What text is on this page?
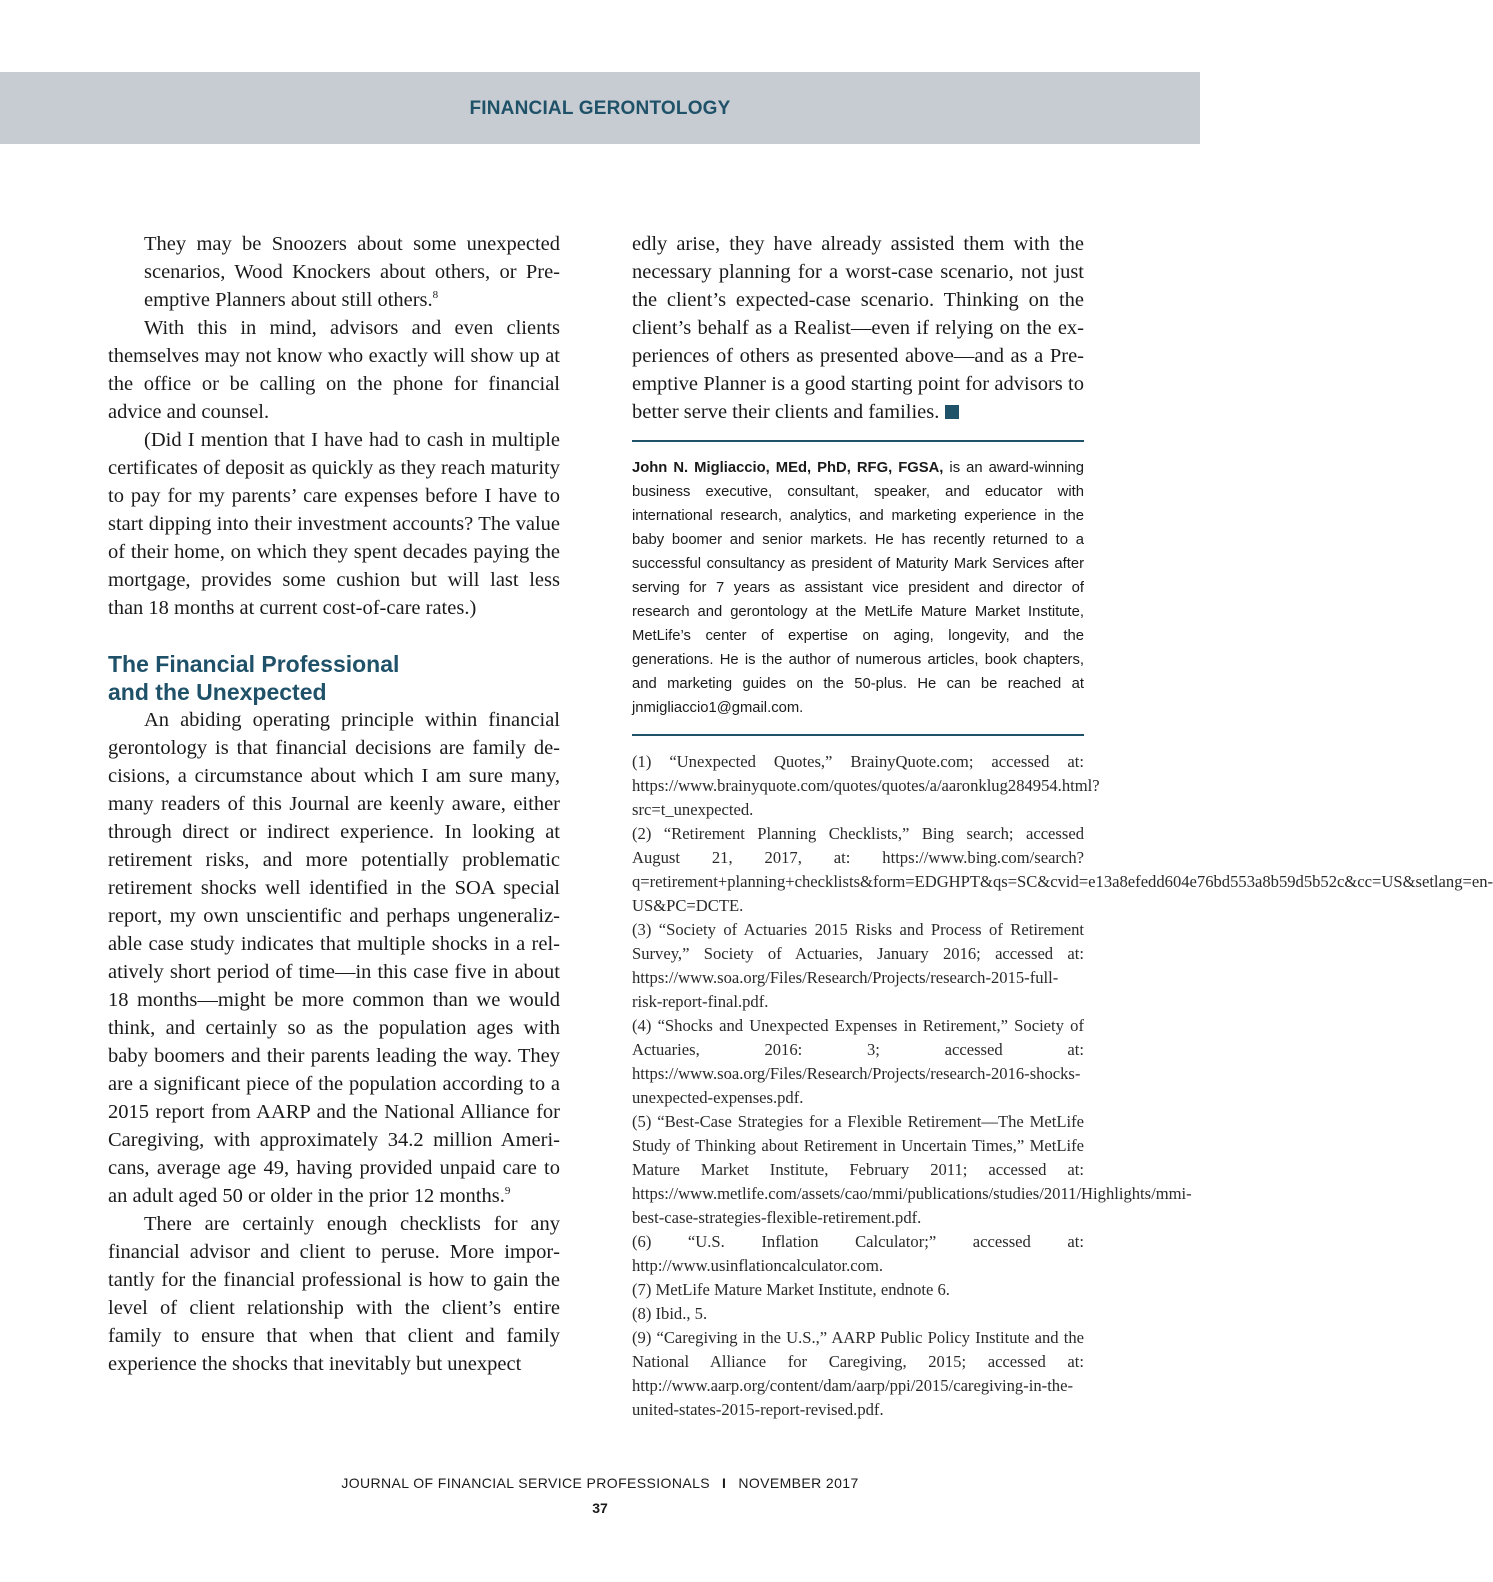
FINANCIAL GERONTOLOGY

They may be Snoozers about some unexpected scenarios, Wood Knockers about others, or Preemptive Planners about still others.$^8$

With this in mind, advisors and even clients themselves may not know who exactly will show up at the office or be calling on the phone for financial advice and counsel.

(Did I mention that I have had to cash in multiple certificates of deposit as quickly as they reach maturity to pay for my parents’ care expenses before I have to start dipping into their investment accounts? The value of their home, on which they spent decades paying the mortgage, provides some cushion but will last less than 18 months at current cost-of-care rates.)

The Financial Professional
and the Unexpected

An abiding operating principle within financial gerontology is that financial decisions are family decisions, a circumstance about which I am sure many, many readers of this Journal are keenly aware, either through direct or indirect experience. In looking at retirement risks, and more potentially problematic retirement shocks well identified in the SOA special report, my own unscientific and perhaps ungeneralizable case study indicates that multiple shocks in a relatively short period of time—in this case five in about 18 months—might be more common than we would think, and certainly so as the population ages with baby boomers and their parents leading the way. They are a significant piece of the population according to a 2015 report from AARP and the National Alliance for Caregiving, with approximately 34.2 million Americans, average age 49, having provided unpaid care to an adult aged 50 or older in the prior 12 months.$^9$

There are certainly enough checklists for any financial advisor and client to peruse. More importantly for the financial professional is how to gain the level of client relationship with the client’s entire family to ensure that when that client and family experience the shocks that inevitably but unexpect

edly arise, they have already assisted them with the necessary planning for a worst-case scenario, not just the client’s expected-case scenario. Thinking on the client’s behalf as a Realist—even if relying on the experiences of others as presented above—and as a Preemptive Planner is a good starting point for advisors to better serve their clients and families.

John N. Migliaccio, MEd, PhD, RFG, FGSA, is an award-winning business executive, consultant, speaker, and educator with international research, analytics, and marketing experience in the baby boomer and senior markets. He has recently returned to a successful consultancy as president of Maturity Mark Services after serving for 7 years as assistant vice president and director of research and gerontology at the MetLife Mature Market Institute, MetLife’s center of expertise on aging, longevity, and the generations. He is the author of numerous articles, book chapters, and marketing guides on the 50-plus. He can be reached at jnmigliaccio1@gmail.com.

(1) “Unexpected Quotes,” BrainyQuote.com; accessed at: https://www.brainyquote.com/quotes/quotes/a/aaronklug284954.html?src=t_unexpected.
(2) “Retirement Planning Checklists,” Bing search; accessed August 21, 2017, at: https://www.bing.com/search?q=retirement+planning+checklists&form=EDGHPT&qs=SC&cvid=e13a8efedd604e76bd553a8b59d5b52c&cc=US&setlang=en-US&PC=DCTE.
(3) “Society of Actuaries 2015 Risks and Process of Retirement Survey,” Society of Actuaries, January 2016; accessed at: https://www.soa.org/Files/Research/Projects/research-2015-full-risk-report-final.pdf.
(4) “Shocks and Unexpected Expenses in Retirement,” Society of Actuaries, 2016: 3; accessed at: https://www.soa.org/Files/Research/Projects/research-2016-shocks-unexpected-expenses.pdf.
(5) “Best-Case Strategies for a Flexible Retirement—The MetLife Study of Thinking about Retirement in Uncertain Times,” MetLife Mature Market Institute, February 2011; accessed at: https://www.metlife.com/assets/cao/mmi/publications/studies/2011/Highlights/mmi-best-case-strategies-flexible-retirement.pdf.
(6) “U.S. Inflation Calculator;” accessed at: http://www.usinflationcalculator.com.
(7) MetLife Mature Market Institute, endnote 6.
(8) Ibid., 5.
(9) “Caregiving in the U.S.,” AARP Public Policy Institute and the National Alliance for Caregiving, 2015; accessed at: http://www.aarp.org/content/dam/aarp/ppi/2015/caregiving-in-the-united-states-2015-report-revised.pdf.
JOURNAL OF FINANCIAL SERVICE PROFESSIONALS I NOVEMBER 2017
37
